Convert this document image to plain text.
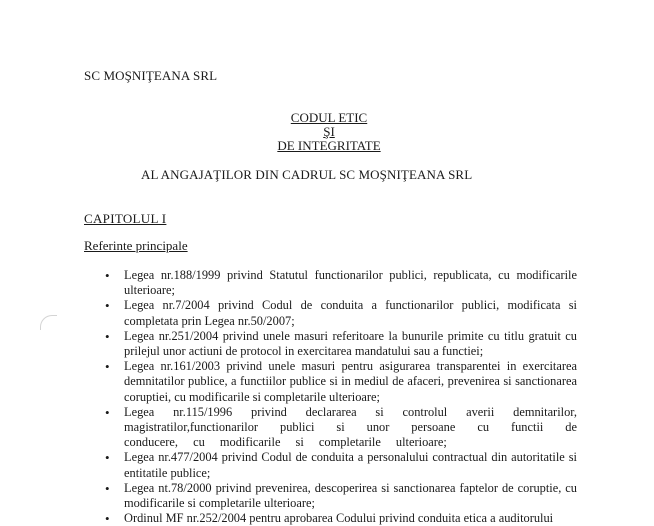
SC MOŞNIŢEANA SRL
CODUL ETIC
ŞI
DE INTEGRITATE
AL ANGAJAŢILOR DIN CADRUL SC MOŞNIŢEANA SRL
CAPITOLUL I
Referinte principale
• Legea nr.188/1999 privind Statutul functionarilor publici, republicata, cu modificarile ulterioare;
• Legea nr.7/2004 privind Codul de conduita a functionarilor publici, modificata si completata prin Legea nr.50/2007;
• Legea nr.251/2004 privind unele masuri referitoare la bunurile primite cu titlu gratuit cu prilejul unor actiuni de protocol in exercitarea mandatului sau a functiei;
• Legea nr.161/2003 privind unele masuri pentru asigurarea transparentei in exercitarea demnitatilor publice, a functiilor publice si in mediul de afaceri, prevenirea si sanctionarea coruptiei, cu modificarile si completarile ulterioare;
• Legea nr.115/1996 privind declararea si controlul averii demnitarilor, magistratilor,functionarilor publici si unor persoane cu functii de conducere, cu modificarile si completarile ulterioare;
• Legea nr.477/2004 privind Codul de conduita a personalului contractual din autoritatile si entitatile publice;
• Legea nt.78/2000 privind prevenirea, descoperirea si sanctionarea faptelor de coruptie, cu modificarile si completarile ulterioare;
• Ordinul MF nr.252/2004 pentru aprobarea Codului privind conduita etica a auditorului
